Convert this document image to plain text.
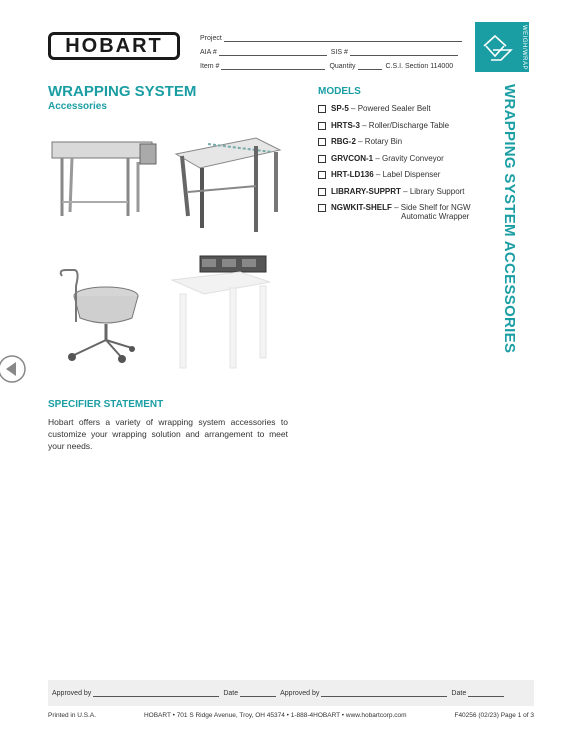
HOBART	Project
AIA #	SIS #
Item #	Quantity	C.S.I. Section 114000	WEIGH/WRAP
WRAPPING SYSTEM ACCESSORIES
WRAPPING SYSTEM
Accessories
MODELS
SP-5 – Powered Sealer Belt
HRTS-3 – Roller/Discharge Table
RBG-2 – Rotary Bin
GRVCON-1 – Gravity Conveyor
HRT-LD136 – Label Dispenser
LIBRARY-SUPPRT – Library Support
NGWKIT-SHELF – Side Shelf for NGW
Automatic Wrapper
SPECIFIER STATEMENT
Hobart offers a variety of wrapping system accessories to customize your wrapping solution and arrangement to meet your needs.
Approved by	Date	Approved by	Date
Printed in U.S.A.	HOBART • 701 S Ridge Avenue, Troy, OH 45374 • 1-888-4HOBART • www.hobartcorp.com	F40256 (02/23) Page 1 of 3
